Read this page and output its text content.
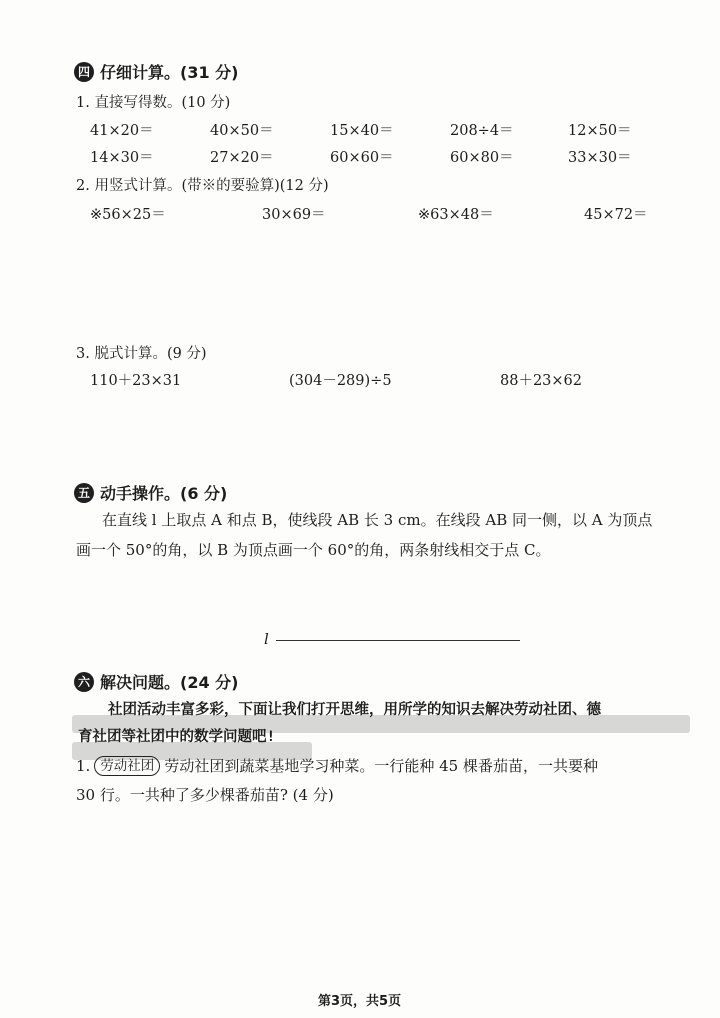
四 仔细计算。(31 分)
1. 直接写得数。(10 分)
41×20＝	40×50＝	15×40＝	208÷4＝	12×50＝
14×30＝	27×20＝	60×60＝	60×80＝	33×30＝
2. 用竖式计算。(带※的要验算)(12 分)
※56×25＝	30×69＝	※63×48＝	45×72＝
3. 脱式计算。(9 分)
110＋23×31	(304－289)÷5	88＋23×62
五 动手操作。(6 分)
在直线 l 上取点 A 和点 B，使线段 AB 长 3 cm。在线段 AB 同一侧，以 A 为顶点
画一个 50°的角，以 B 为顶点画一个 60°的角，两条射线相交于点 C。
l
六 解决问题。(24 分)
社团活动丰富多彩，下面让我们打开思维，用所学的知识去解决劳动社团、德
育社团等社团中的数学问题吧!
1. 劳动社团 劳动社团到蔬菜基地学习种菜。一行能种 45 棵番茄苗，一共要种
30 行。一共种了多少棵番茄苗? (4 分)
第3页，共5页
